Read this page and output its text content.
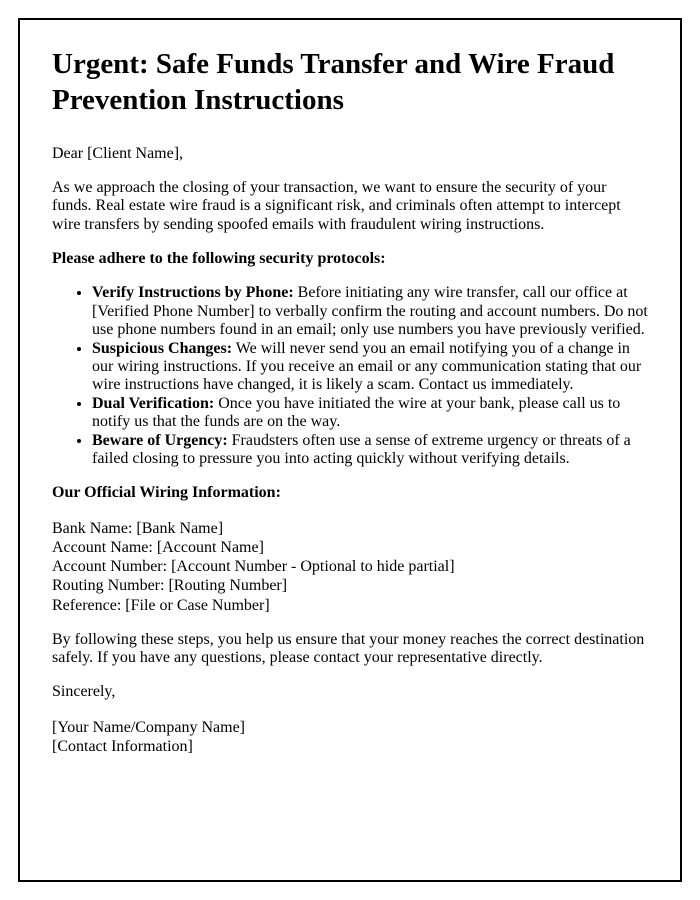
Urgent: Safe Funds Transfer and Wire Fraud Prevention Instructions

Dear [Client Name],

As we approach the closing of your transaction, we want to ensure the security of your funds. Real estate wire fraud is a significant risk, and criminals often attempt to intercept wire transfers by sending spoofed emails with fraudulent wiring instructions.

Please adhere to the following security protocols:

• Verify Instructions by Phone: Before initiating any wire transfer, call our office at [Verified Phone Number] to verbally confirm the routing and account numbers. Do not use phone numbers found in an email; only use numbers you have previously verified.
• Suspicious Changes: We will never send you an email notifying you of a change in our wiring instructions. If you receive an email or any communication stating that our wire instructions have changed, it is likely a scam. Contact us immediately.
• Dual Verification: Once you have initiated the wire at your bank, please call us to notify us that the funds are on the way.
• Beware of Urgency: Fraudsters often use a sense of extreme urgency or threats of a failed closing to pressure you into acting quickly without verifying details.

Our Official Wiring Information:

Bank Name: [Bank Name]

Account Name: [Account Name]

Account Number: [Account Number - Optional to hide partial]

Routing Number: [Routing Number]

Reference: [File or Case Number]

By following these steps, you help us ensure that your money reaches the correct destination safely. If you have any questions, please contact your representative directly.

Sincerely,

[Your Name/Company Name]

[Contact Information]
